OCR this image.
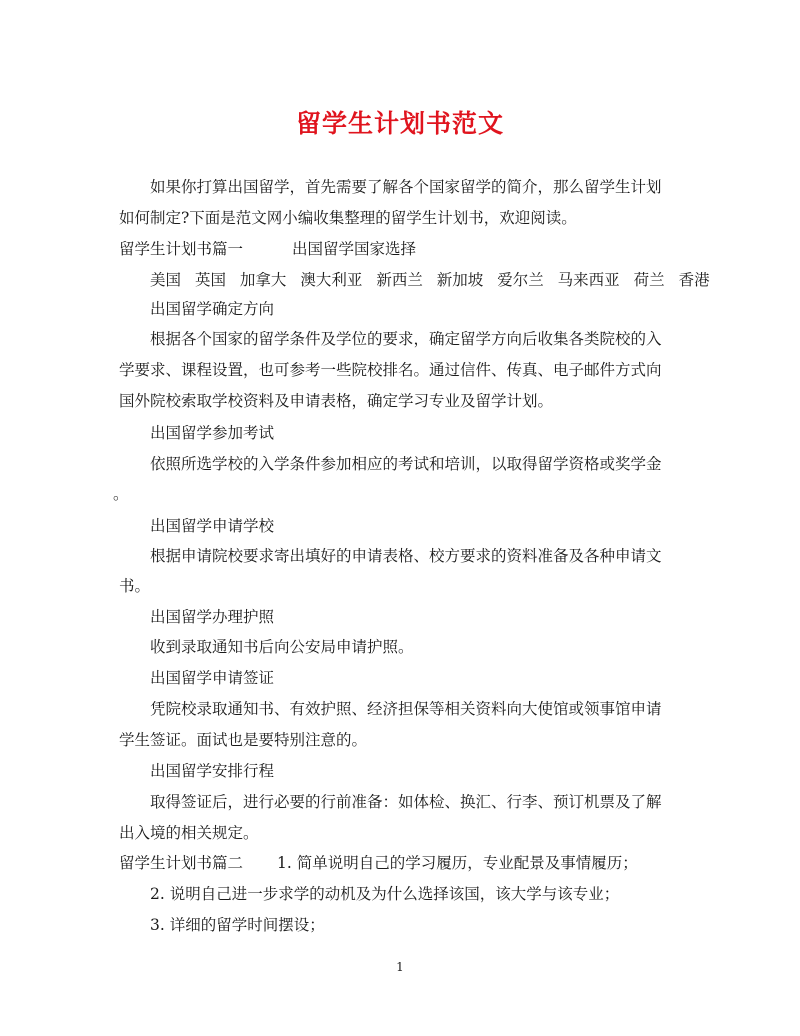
留学生计划书范文
如果你打算出国留学，首先需要了解各个国家留学的简介，那么留学生计划
如何制定?下面是范文网小编收集整理的留学生计划书，欢迎阅读。
留学生计划书篇一	出国留学国家选择
美国 英国 加拿大 澳大利亚 新西兰 新加坡 爱尔兰 马来西亚 荷兰 香港
出国留学确定方向
根据各个国家的留学条件及学位的要求，确定留学方向后收集各类院校的入
学要求、课程设置，也可参考一些院校排名。通过信件、传真、电子邮件方式向
国外院校索取学校资料及申请表格，确定学习专业及留学计划。
出国留学参加考试
依照所选学校的入学条件参加相应的考试和培训，以取得留学资格或奖学金
。
出国留学申请学校
根据申请院校要求寄出填好的申请表格、校方要求的资料准备及各种申请文
书。
出国留学办理护照
收到录取通知书后向公安局申请护照。
出国留学申请签证
凭院校录取通知书、有效护照、经济担保等相关资料向大使馆或领事馆申请
学生签证。面试也是要特别注意的。
出国留学安排行程
取得签证后，进行必要的行前准备：如体检、换汇、行李、预订机票及了解
出入境的相关规定。
留学生计划书篇二 1. 简单说明自己的学习履历，专业配景及事情履历；
2. 说明自己进一步求学的动机及为什么选择该国，该大学与该专业；
3. 详细的留学时间摆设；
1
